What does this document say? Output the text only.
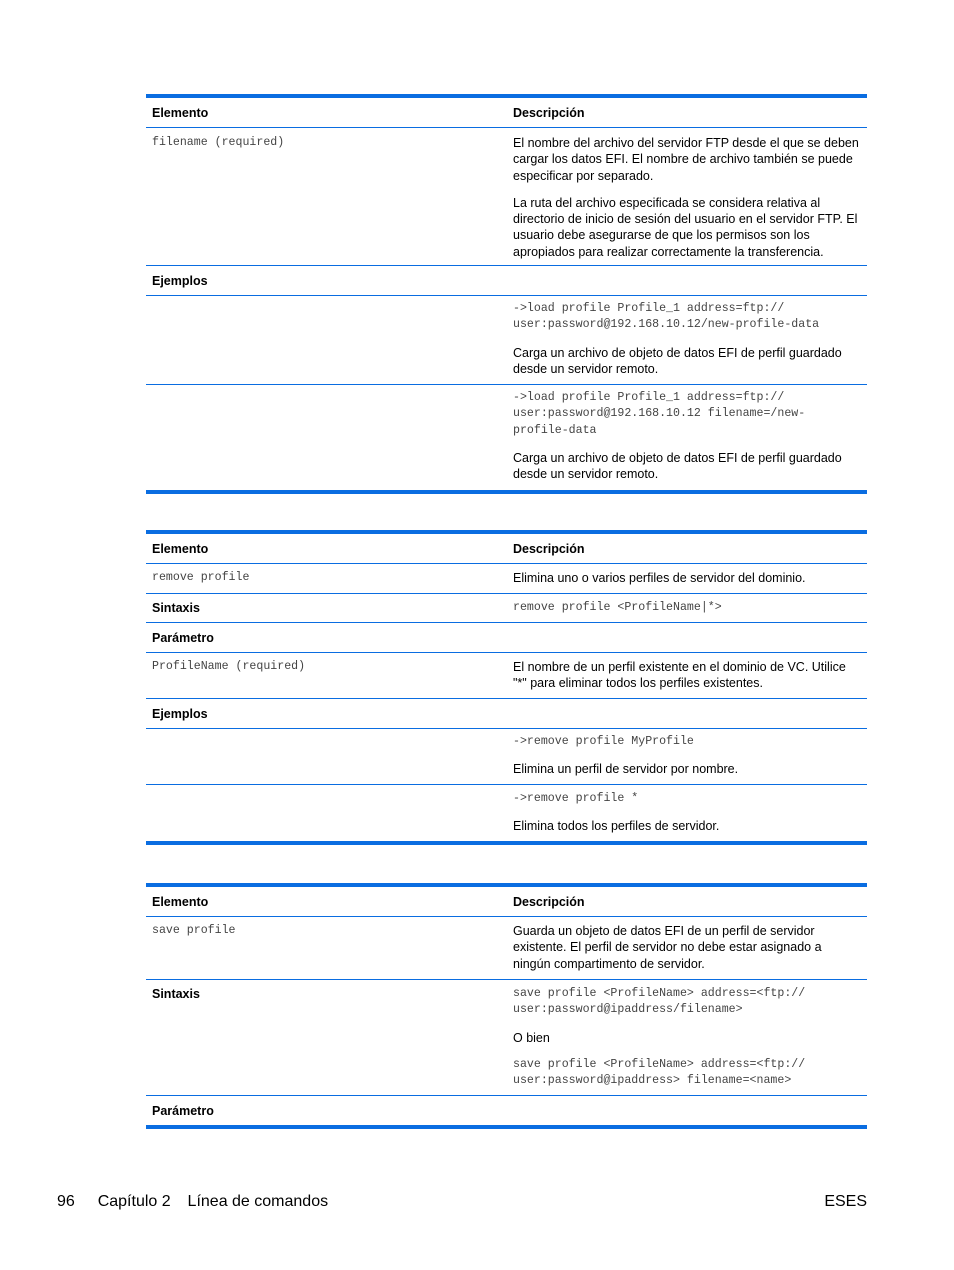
Elemento	Descripción
filename (required)	El nombre del archivo del servidor FTP desde el que se deben cargar los datos EFI. El nombre de archivo también se puede especificar por separado.
La ruta del archivo especificada se considera relativa al directorio de inicio de sesión del usuario en el servidor FTP. El usuario debe asegurarse de que los permisos son los apropiados para realizar correctamente la transferencia.
Ejemplos
->load profile Profile_1 address=ftp://
user:password@192.168.10.12/new-profile-data
Carga un archivo de objeto de datos EFI de perfil guardado desde un servidor remoto.
->load profile Profile_1 address=ftp://
user:password@192.168.10.12 filename=/new-
profile-data
Carga un archivo de objeto de datos EFI de perfil guardado desde un servidor remoto.
Elemento	Descripción
remove profile	Elimina uno o varios perfiles de servidor del dominio.
Sintaxis	remove profile <ProfileName|*>
Parámetro
ProfileName (required)	El nombre de un perfil existente en el dominio de VC. Utilice "*" para eliminar todos los perfiles existentes.
Ejemplos
->remove profile MyProfile
Elimina un perfil de servidor por nombre.
->remove profile *
Elimina todos los perfiles de servidor.
Elemento	Descripción
save profile	Guarda un objeto de datos EFI de un perfil de servidor existente. El perfil de servidor no debe estar asignado a ningún compartimento de servidor.
Sintaxis	save profile <ProfileName> address=<ftp://
user:password@ipaddress/filename>
O bien
save profile <ProfileName> address=<ftp://
user:password@ipaddress> filename=<name>
Parámetro
96 Capítulo 2 Línea de comandos	ESES
